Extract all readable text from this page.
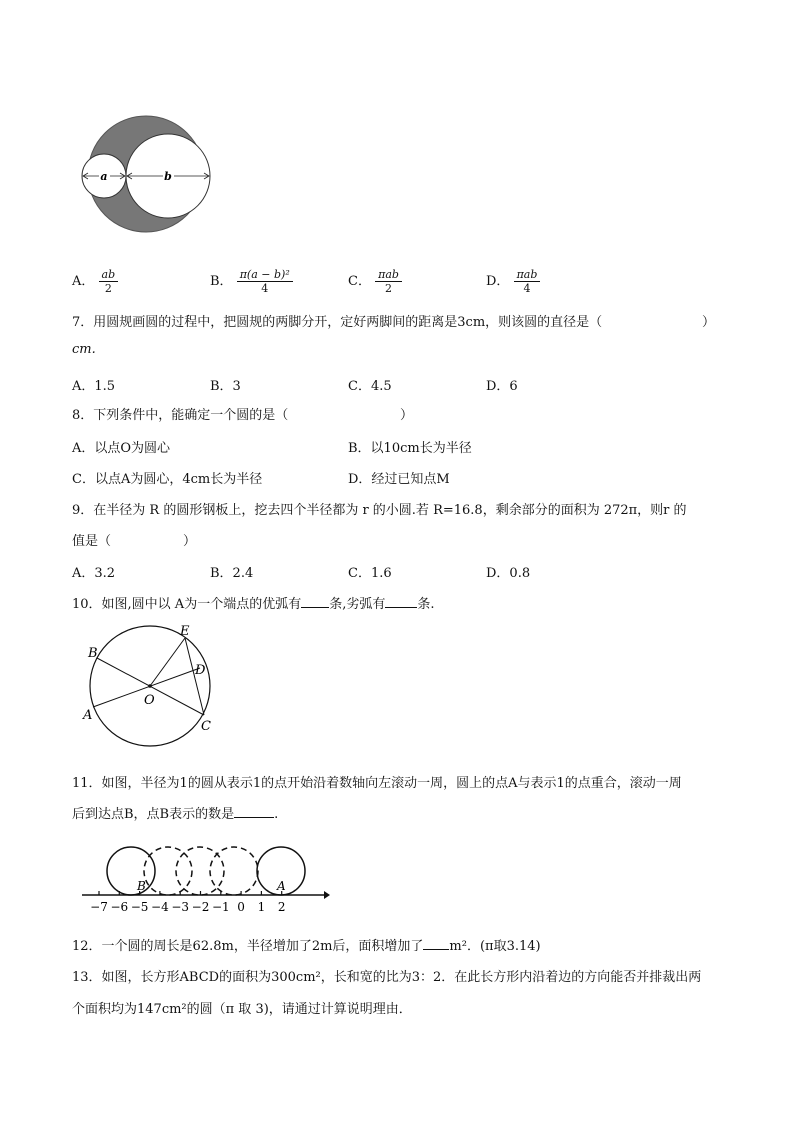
a	b
A． $\frac{ab}{2}$	B． $\frac{\text{π(a − b)²}}{4}$	C． $\frac{\text{πab}}{2}$	D． $\frac{\text{πab}}{4}$
7．用圆规画圆的过程中，把圆规的两脚分开，定好两脚间的距离是3cm，则该圆的直径是（	）
cm.
A．1.5	B．3	C．4.5	D．6
8．下列条件中，能确定一个圆的是（	）
A．以点O为圆心	B．以10cm长为半径
C．以点A为圆心，4cm长为半径	D．经过已知点M
9．在半径为 R 的圆形钢板上，挖去四个半径都为 r 的小圆.若 R=16.8，剩余部分的面积为 272π，则r 的
值是（	）
A．3.2	B．2.4	C．1.6	D．0.8
10．如图,圆中以 A为一个端点的优弧有 条,劣弧有 条.
B
A
E
D
C
O
11．如图，半径为1的圆从表示1的点开始沿着数轴向左滚动一周，圆上的点A与表示1的点重合，滚动一周
后到达点B，点B表示的数是	.
B	A
−7 −6 −5 −4 −3 −2 −1 0 1 2
12．一个圆的周长是62.8m，半径增加了2m后，面积增加了 m²．(π取3.14)
13．如图，长方形ABCD的面积为300cm²，长和宽的比为3：2．在此长方形内沿着边的方向能否并排裁出两
个面积均为147cm²的圆（π 取 3)，请通过计算说明理由．
